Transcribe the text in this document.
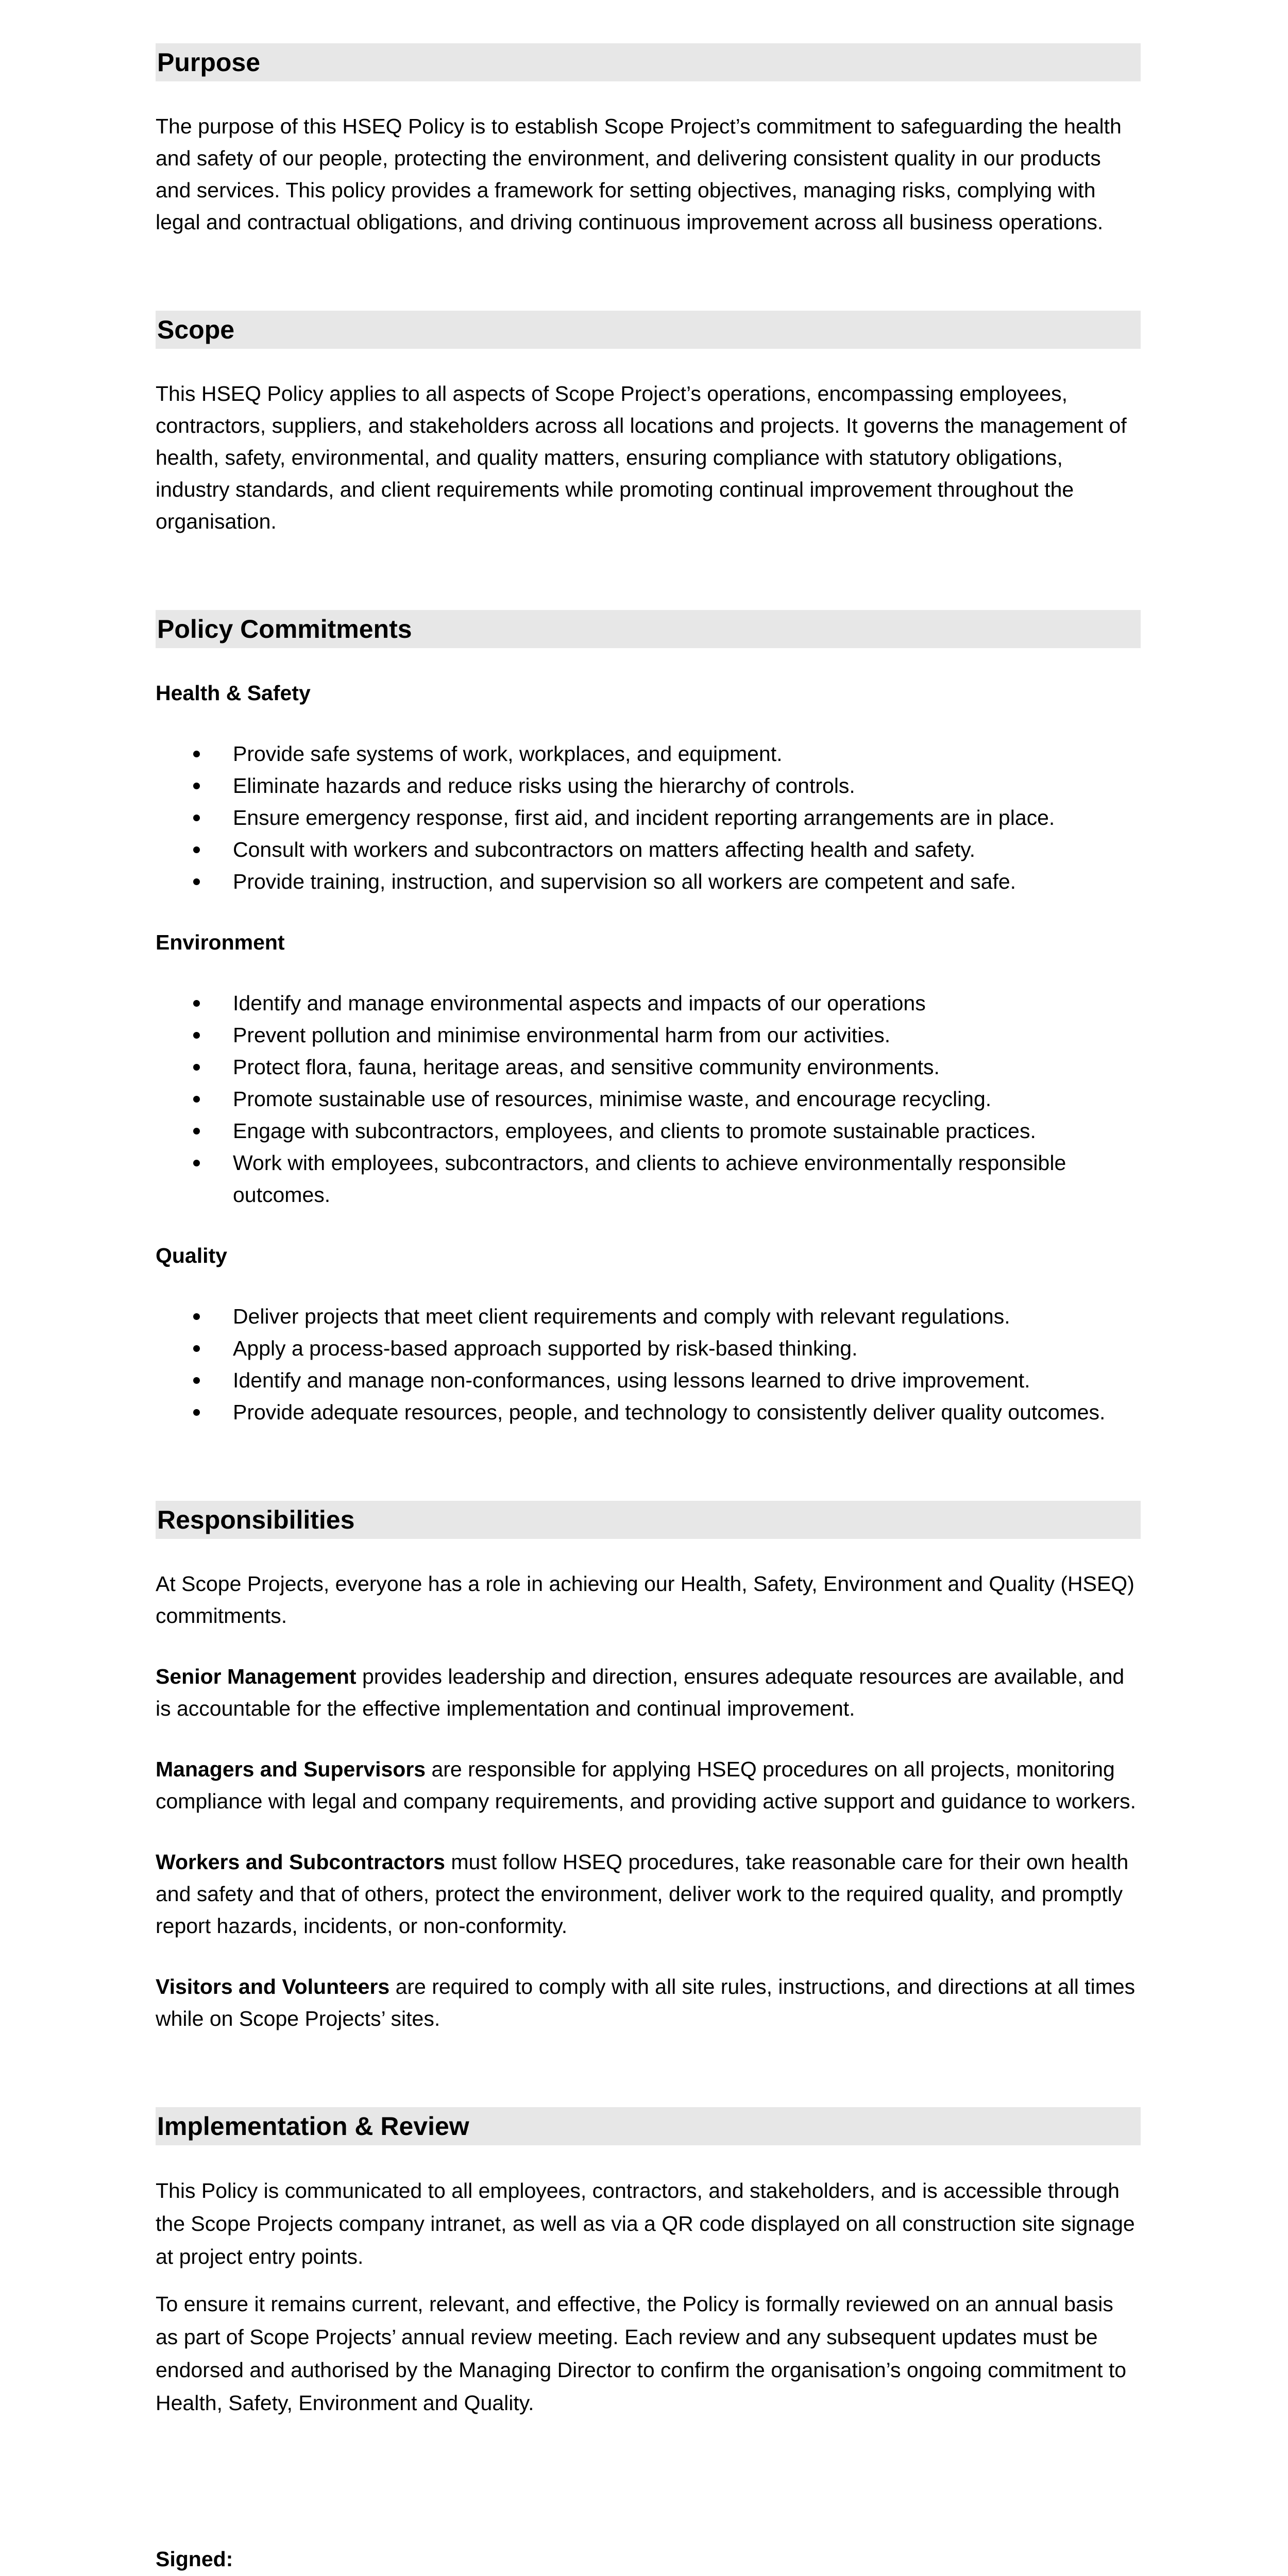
Purpose

The purpose of this HSEQ Policy is to establish Scope Project’s commitment to safeguarding the health and safety of our people, protecting the environment, and delivering consistent quality in our products and services. This policy provides a framework for setting objectives, managing risks, complying with legal and contractual obligations, and driving continuous improvement across all business operations.

Scope

This HSEQ Policy applies to all aspects of Scope Project’s operations, encompassing employees, contractors, suppliers, and stakeholders across all locations and projects. It governs the management of health, safety, environmental, and quality matters, ensuring compliance with statutory obligations, industry standards, and client requirements while promoting continual improvement throughout the organisation.

Policy Commitments
Health & Safety
Provide safe systems of work, workplaces, and equipment.
Eliminate hazards and reduce risks using the hierarchy of controls.
Ensure emergency response, first aid, and incident reporting arrangements are in place.
Consult with workers and subcontractors on matters affecting health and safety.
Provide training, instruction, and supervision so all workers are competent and safe.
Environment
Identify and manage environmental aspects and impacts of our operations
Prevent pollution and minimise environmental harm from our activities.
Protect flora, fauna, heritage areas, and sensitive community environments.
Promote sustainable use of resources, minimise waste, and encourage recycling.
Engage with subcontractors, employees, and clients to promote sustainable practices.
Work with employees, subcontractors, and clients to achieve environmentally responsible outcomes.
Quality
Deliver projects that meet client requirements and comply with relevant regulations.
Apply a process-based approach supported by risk-based thinking.
Identify and manage non-conformances, using lessons learned to drive improvement.
Provide adequate resources, people, and technology to consistently deliver quality outcomes.
Responsibilities

At Scope Projects, everyone has a role in achieving our Health, Safety, Environment and Quality (HSEQ) commitments.

Senior Management provides leadership and direction, ensures adequate resources are available, and is accountable for the effective implementation and continual improvement.

Managers and Supervisors are responsible for applying HSEQ procedures on all projects, monitoring compliance with legal and company requirements, and providing active support and guidance to workers.

Workers and Subcontractors must follow HSEQ procedures, take reasonable care for their own health and safety and that of others, protect the environment, deliver work to the required quality, and promptly report hazards, incidents, or non-conformity.

Visitors and Volunteers are required to comply with all site rules, instructions, and directions at all times while on Scope Projects’ sites.

Implementation & Review

This Policy is communicated to all employees, contractors, and stakeholders, and is accessible through the Scope Projects company intranet, as well as via a QR code displayed on all construction site signage at project entry points.

To ensure it remains current, relevant, and effective, the Policy is formally reviewed on an annual basis as part of Scope Projects’ annual review meeting. Each review and any subsequent updates must be endorsed and authorised by the Managing Director to confirm the organisation’s ongoing commitment to Health, Safety, Environment and Quality.

Signed:
